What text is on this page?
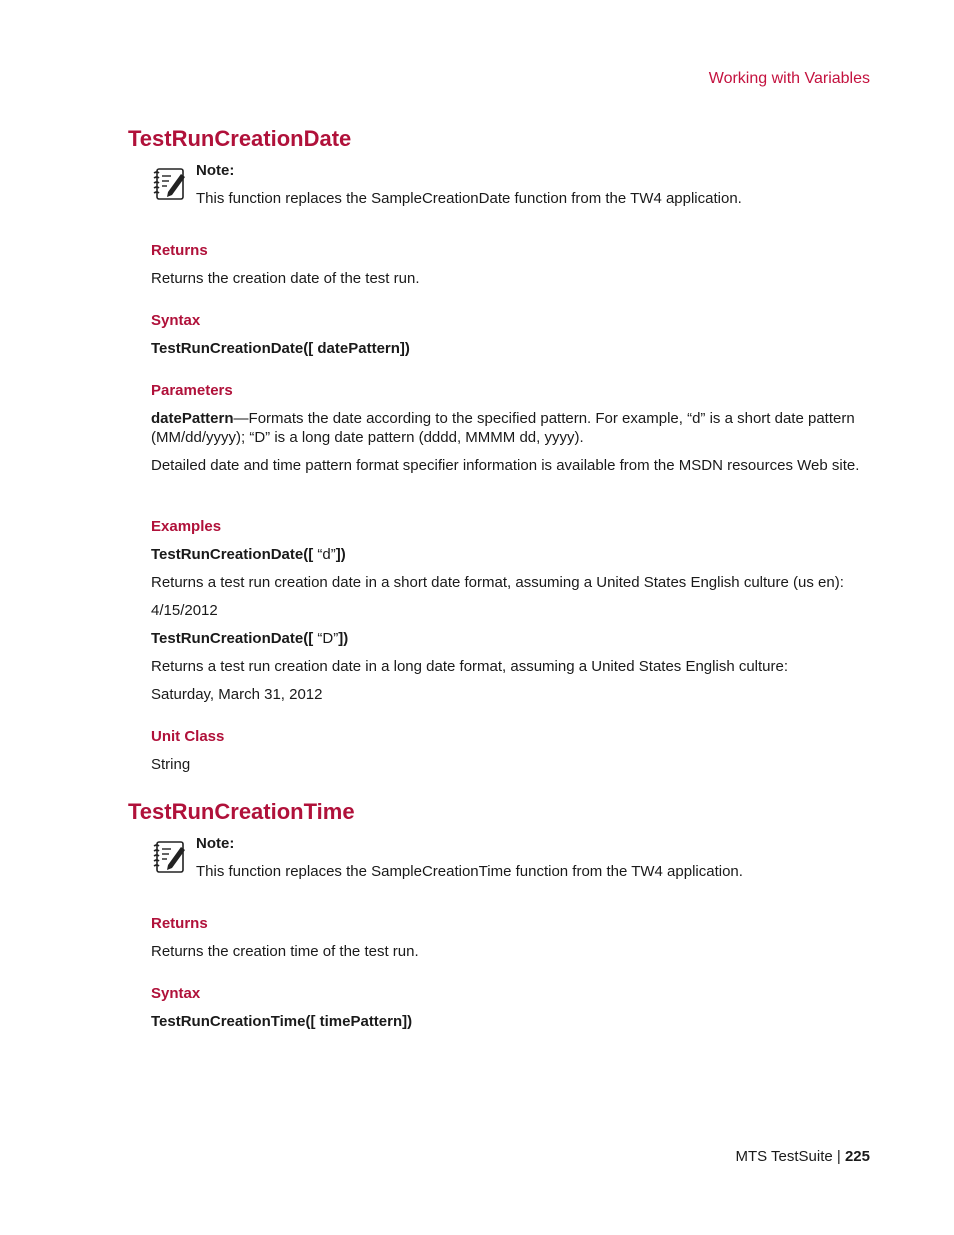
Working with Variables
TestRunCreationDate
Note:
This function replaces the SampleCreationDate function from the TW4 application.
Returns
Returns the creation date of the test run.
Syntax
TestRunCreationDate([ datePattern])
Parameters
datePattern—Formats the date according to the specified pattern. For example, “d” is a short date pattern (MM/dd/yyyy); “D” is a long date pattern (dddd, MMMM dd, yyyy).
Detailed date and time pattern format specifier information is available from the MSDN resources Web site.
Examples
TestRunCreationDate([ “d”])
Returns a test run creation date in a short date format, assuming a United States English culture (us en):
4/15/2012
TestRunCreationDate([ “D”])
Returns a test run creation date in a long date format, assuming a United States English culture:
Saturday, March 31, 2012
Unit Class
String
TestRunCreationTime
Note:
This function replaces the SampleCreationTime function from the TW4 application.
Returns
Returns the creation time of the test run.
Syntax
TestRunCreationTime([ timePattern])
MTS TestSuite | 225
